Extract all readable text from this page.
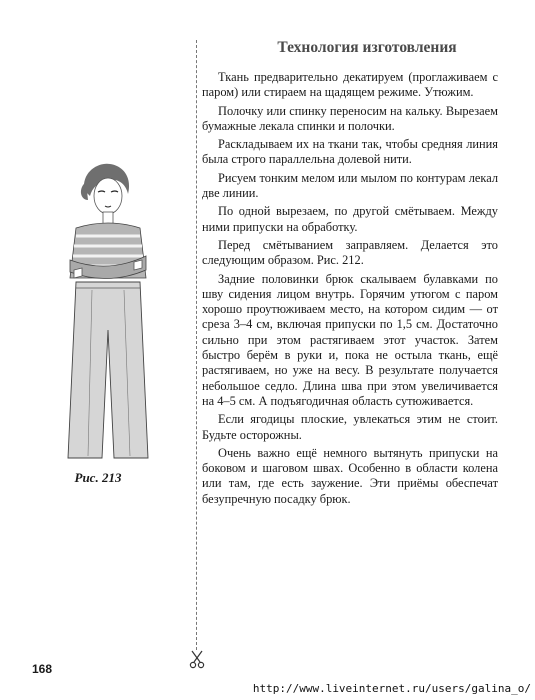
Рис. 213
Технология изготовления

Ткань предварительно декатируем (проглаживаем с паром) или стираем на щадящем режиме. Утюжим.

Полочку или спинку переносим на кальку. Вырезаем бумажные лекала спинки и полочки.

Раскладываем их на ткани так, чтобы средняя линия была строго параллельна долевой нити.

Рисуем тонким мелом или мылом по контурам лекал две линии.

По одной вырезаем, по другой смётываем. Между ними припуски на обработку.

Перед смётыванием заправляем. Делается это следующим образом. Рис. 212.

Задние половинки брюк скалываем булавками по шву сидения лицом внутрь. Горячим утюгом с паром хорошо проутюживаем место, на котором сидим — от среза 3–4 см, включая припуски по 1,5 см. Достаточно сильно при этом растягиваем этот участок. Затем быстро берём в руки и, пока не остыла ткань, ещё растягиваем, но уже на весу. В результате получается небольшое седло. Длина шва при этом увеличивается на 4–5 см. А подъягодичная область сутюживается.

Если ягодицы плоские, увлекаться этим не стоит. Будьте осторожны.

Очень важно ещё немного вытянуть припуски на боковом и шаговом швах. Особенно в области колена или там, где есть заужение. Эти приёмы обеспечат безупречную посадку брюк.

168
http://www.liveinternet.ru/users/galina_o/
